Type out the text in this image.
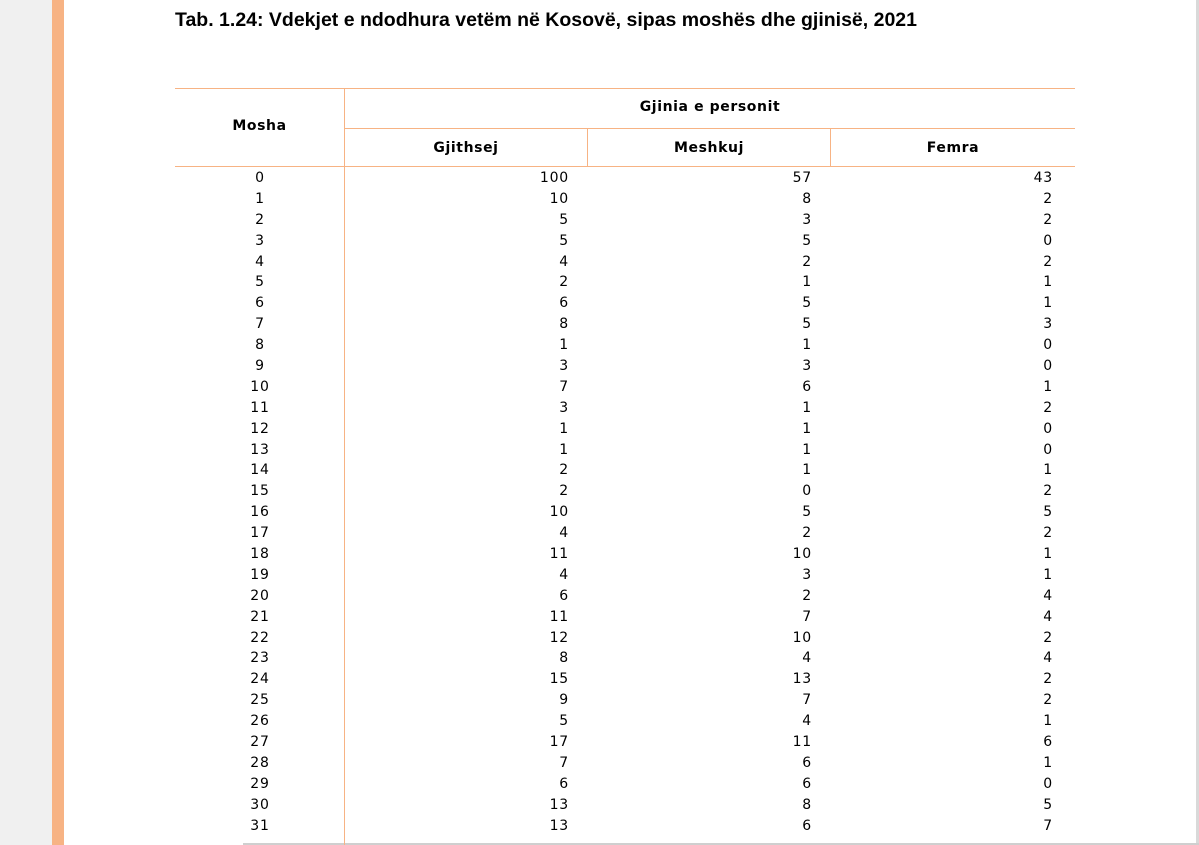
Tab. 1.24: Vdekjet e ndodhura vetëm në Kosovë, sipas moshës dhe gjinisë, 2021
Mosha
Gjinia e personit
Gjithsej	Meshkuj	Femra
0	100	57	43
1	10	8	2
2	5	3	2
3	5	5	0
4	4	2	2
5	2	1	1
6	6	5	1
7	8	5	3
8	1	1	0
9	3	3	0
10	7	6	1
11	3	1	2
12	1	1	0
13	1	1	0
14	2	1	1
15	2	0	2
16	10	5	5
17	4	2	2
18	11	10	1
19	4	3	1
20	6	2	4
21	11	7	4
22	12	10	2
23	8	4	4
24	15	13	2
25	9	7	2
26	5	4	1
27	17	11	6
28	7	6	1
29	6	6	0
30	13	8	5
31	13	6	7
